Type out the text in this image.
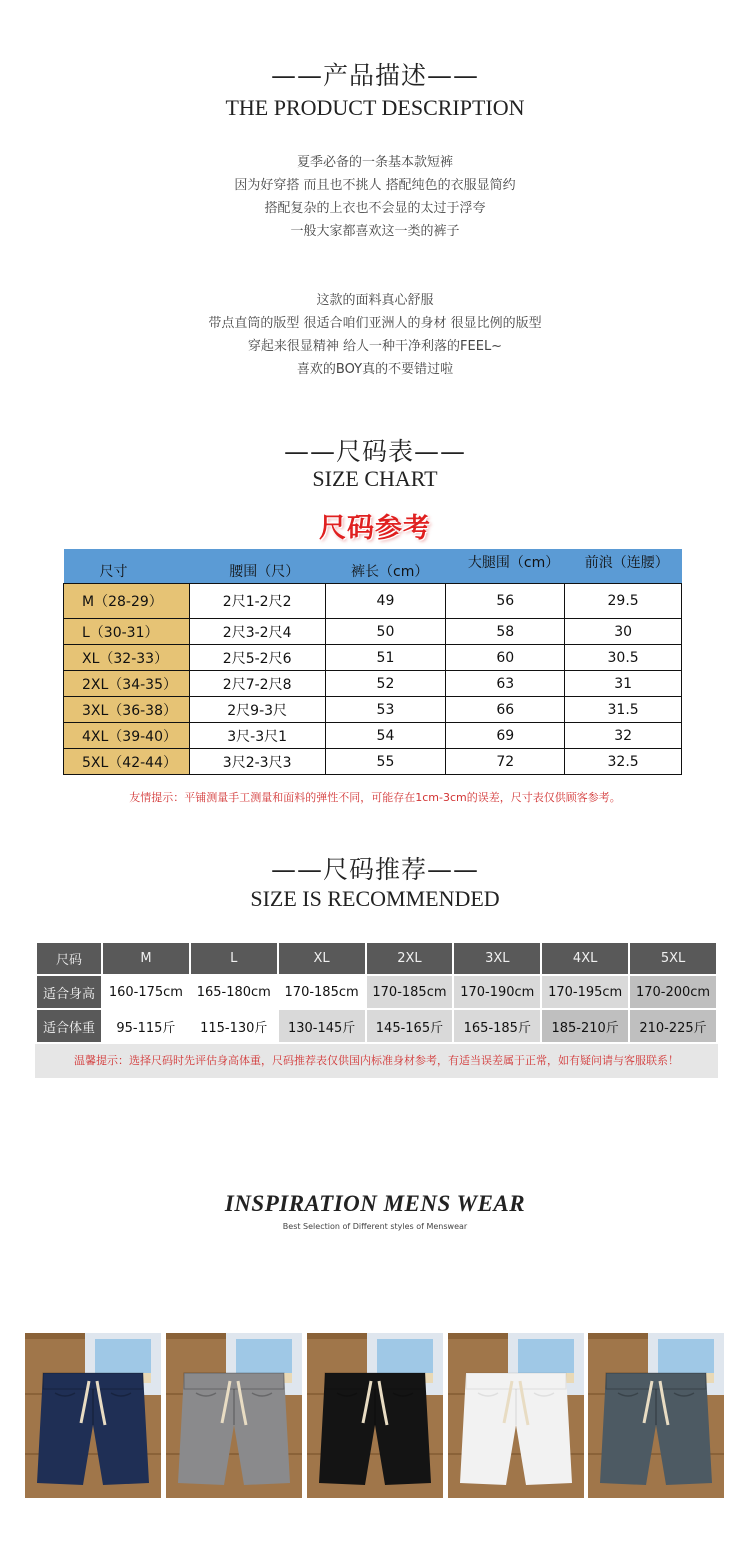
——产品描述——
THE PRODUCT DESCRIPTION
夏季必备的一条基本款短裤
因为好穿搭 而且也不挑人 搭配纯色的衣服显简约
搭配复杂的上衣也不会显的太过于浮夸
一般大家都喜欢这一类的裤子
这款的面料真心舒服
带点直筒的版型 很适合咱们亚洲人的身材 很显比例的版型
穿起来很显精神 给人一种干净利落的FEEL~
喜欢的BOY真的不要错过啦
——尺码表——
SIZE CHART
尺码参考
尺寸	腰围（尺）	裤长（cm）	大腿围（cm）	前浪（连腰）
M（28-29）	2尺1-2尺2	49	56	29.5
L（30-31）	2尺3-2尺4	50	58	30
XL（32-33）	2尺5-2尺6	51	60	30.5
2XL（34-35）	2尺7-2尺8	52	63	31
3XL（36-38）	2尺9-3尺	53	66	31.5
4XL（39-40）	3尺-3尺1	54	69	32
5XL（42-44）	3尺2-3尺3	55	72	32.5
友情提示：平铺测量手工测量和面料的弹性不同，可能存在1cm-3cm的误差，尺寸表仅供顾客参考。
——尺码推荐——
SIZE IS RECOMMENDED
尺码	M	L	XL	2XL	3XL	4XL	5XL
适合身高	160-175cm	165-180cm	170-185cm	170-185cm	170-190cm	170-195cm	170-200cm
适合体重	95-115斤	115-130斤	130-145斤	145-165斤	165-185斤	185-210斤	210-225斤
温馨提示：选择尺码时先评估身高体重，尺码推荐表仅供国内标准身材参考，有适当误差属于正常，如有疑问请与客服联系！
INSPIRATION MENS WEAR
Best Selection of Different styles of Menswear
